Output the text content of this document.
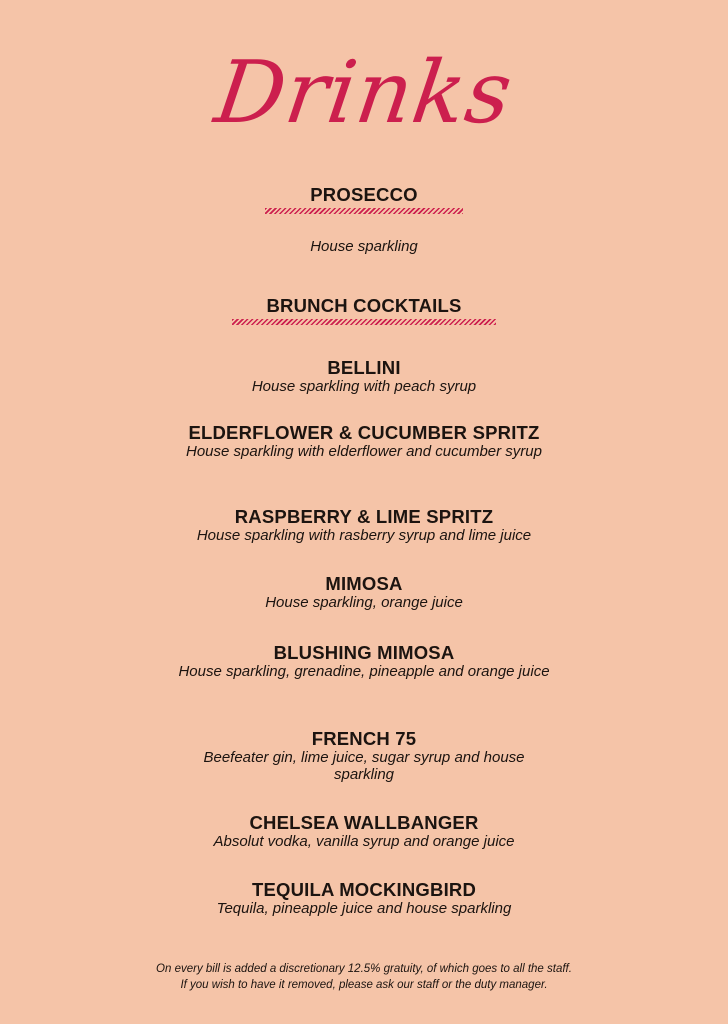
Drinks
PROSECCO
House sparkling
BRUNCH COCKTAILS
BELLINI
House sparkling with peach syrup
ELDERFLOWER & CUCUMBER SPRITZ
House sparkling with elderflower and cucumber syrup
RASPBERRY & LIME SPRITZ
House sparkling with rasberry syrup and lime juice
MIMOSA
House sparkling, orange juice
BLUSHING MIMOSA
House sparkling, grenadine, pineapple and orange juice
FRENCH 75
Beefeater gin, lime juice, sugar syrup and house sparkling
CHELSEA WALLBANGER
Absolut vodka, vanilla syrup and orange juice
TEQUILA MOCKINGBIRD
Tequila, pineapple juice and house sparkling
On every bill is added a discretionary 12.5% gratuity, of which goes to all the staff.
If you wish to have it removed, please ask our staff or the duty manager.
